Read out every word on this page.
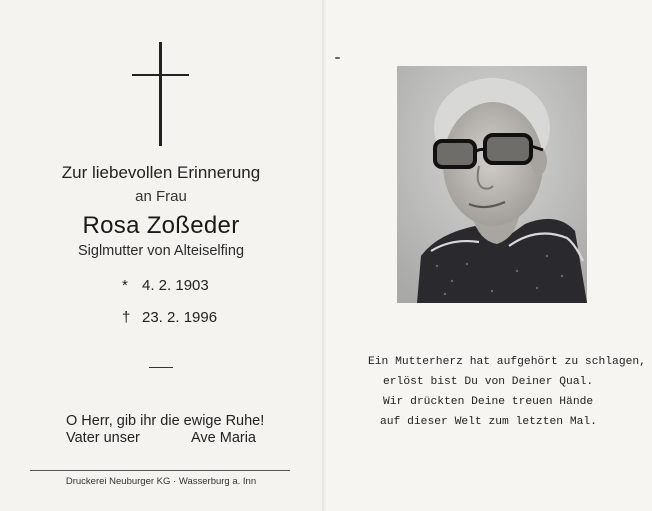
Zur liebevollen Erinnerung
an Frau
Rosa Zoßeder
Siglmutter von Alteiselfing
* 4. 2. 1903
† 23. 2. 1996
O Herr, gib ihr die ewige Ruhe!
Vater unser	Ave Maria
Druckerei Neuburger KG · Wasserburg a. Inn
Ein Mutterherz hat aufgehört zu schlagen,
erlöst bist Du von Deiner Qual.
Wir drückten Deine treuen Hände
auf dieser Welt zum letzten Mal.
